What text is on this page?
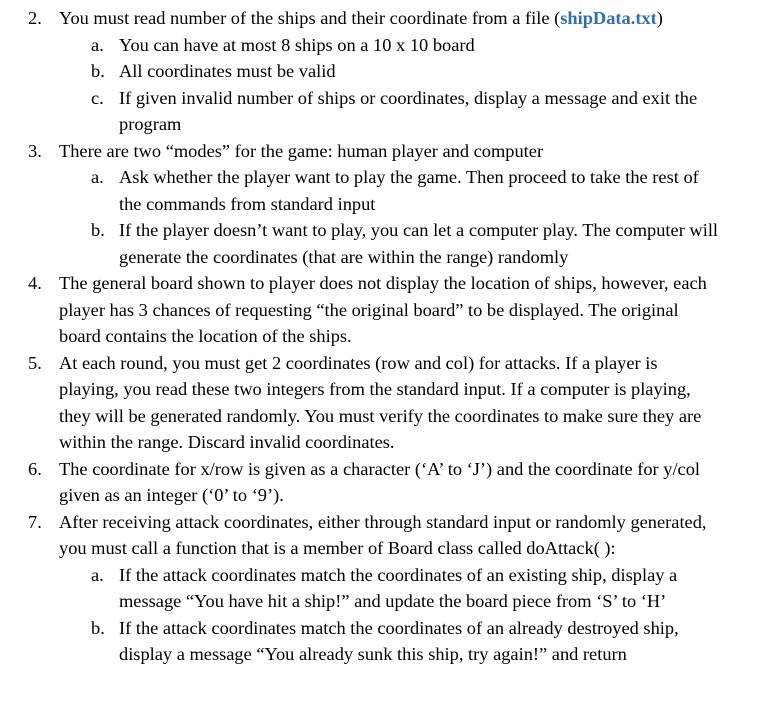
2. You must read number of the ships and their coordinate from a file (shipData.txt)
a. You can have at most 8 ships on a 10 x 10 board
b. All coordinates must be valid
c. If given invalid number of ships or coordinates, display a message and exit the
program
3. There are two “modes” for the game: human player and computer
a. Ask whether the player want to play the game. Then proceed to take the rest of
the commands from standard input
b. If the player doesn’t want to play, you can let a computer play. The computer will
generate the coordinates (that are within the range) randomly
4. The general board shown to player does not display the location of ships, however, each
player has 3 chances of requesting “the original board” to be displayed. The original
board contains the location of the ships.
5. At each round, you must get 2 coordinates (row and col) for attacks. If a player is
playing, you read these two integers from the standard input. If a computer is playing,
they will be generated randomly. You must verify the coordinates to make sure they are
within the range. Discard invalid coordinates.
6. The coordinate for x/row is given as a character (‘A’ to ‘J’) and the coordinate for y/col
given as an integer (‘0’ to ‘9’).
7. After receiving attack coordinates, either through standard input or randomly generated,
you must call a function that is a member of Board class called doAttack( ):
a. If the attack coordinates match the coordinates of an existing ship, display a
message “You have hit a ship!” and update the board piece from ‘S’ to ‘H’
b. If the attack coordinates match the coordinates of an already destroyed ship,
display a message “You already sunk this ship, try again!” and return
